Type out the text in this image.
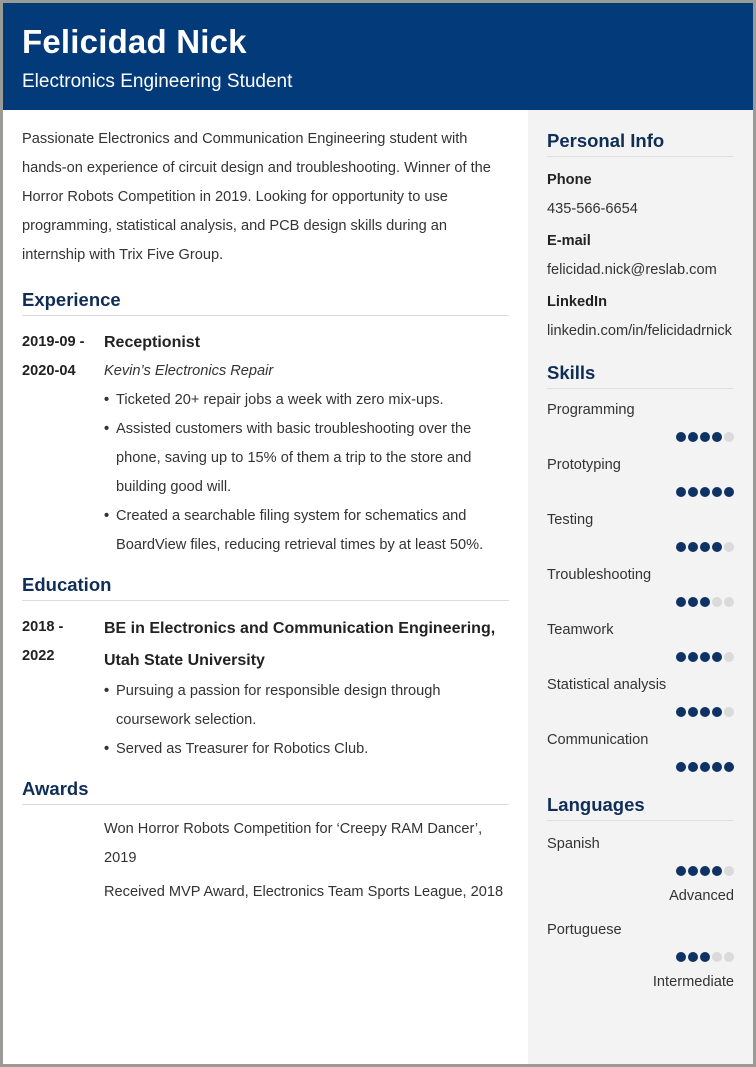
Felicidad Nick
Electronics Engineering Student

Passionate Electronics and Communication Engineering student with hands-on experience of circuit design and troubleshooting. Winner of the Horror Robots Competition in 2019. Looking for opportunity to use programming, statistical analysis, and PCB design skills during an internship with Trix Five Group.

Experience
2019-09 -
2020-04
Receptionist
Kevin’s Electronics Repair
• Ticketed 20+ repair jobs a week with zero mix-ups.
• Assisted customers with basic troubleshooting over the phone, saving up to 15% of them a trip to the store and building good will.
• Created a searchable filing system for schematics and BoardView files, reducing retrieval times by at least 50%.
Education
2018 -
2022
BE in Electronics and Communication Engineering,
Utah State University
• Pursuing a passion for responsible design through coursework selection.
• Served as Treasurer for Robotics Club.
Awards
Won Horror Robots Competition for ‘Creepy RAM Dancer’, 2019
Received MVP Award, Electronics Team Sports League, 2018
Personal Info
Phone
435-566-6654
E-mail
felicidad.nick@reslab.com
LinkedIn
linkedin.com/in/felicidadrnick
Skills
Programming
Prototyping
Testing
Troubleshooting
Teamwork
Statistical analysis
Communication
Languages
Spanish
Advanced
Portuguese
Intermediate
